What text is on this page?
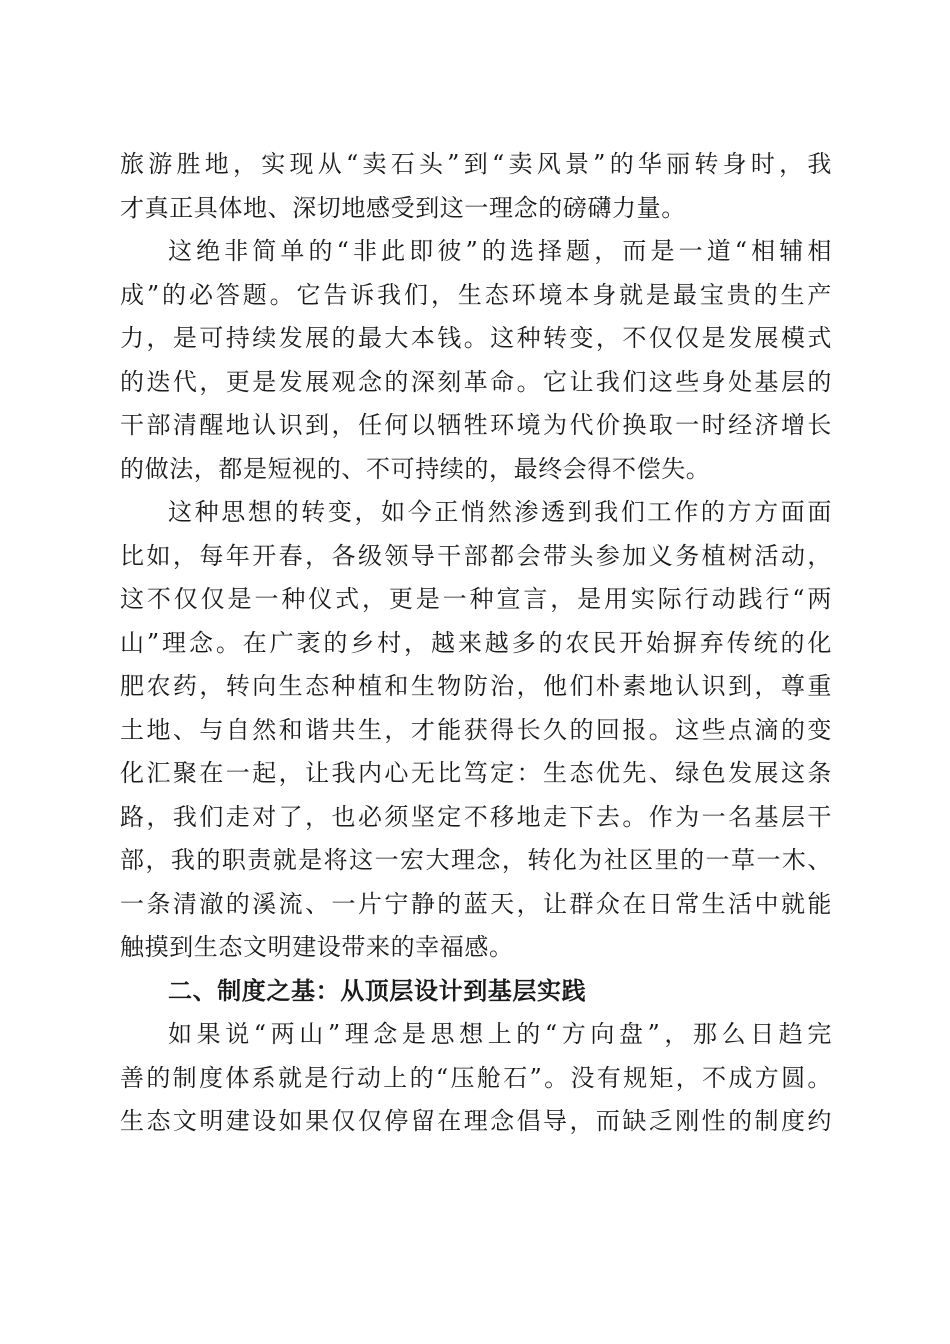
旅游胜地，实现从“卖石头”到“卖风景”的华丽转身时，我
才真正具体地、深切地感受到这一理念的磅礴力量。
这绝非简单的“非此即彼”的选择题，而是一道“相辅相
成”的必答题。它告诉我们，生态环境本身就是最宝贵的生产
力，是可持续发展的最大本钱。这种转变，不仅仅是发展模式
的迭代，更是发展观念的深刻革命。它让我们这些身处基层的
干部清醒地认识到，任何以牺牲环境为代价换取一时经济增长
的做法，都是短视的、不可持续的，最终会得不偿失。
这种思想的转变，如今正悄然渗透到我们工作的方方面面
比如，每年开春，各级领导干部都会带头参加义务植树活动，
这不仅仅是一种仪式，更是一种宣言，是用实际行动践行“两
山”理念。在广袤的乡村，越来越多的农民开始摒弃传统的化
肥农药，转向生态种植和生物防治，他们朴素地认识到，尊重
土地、与自然和谐共生，才能获得长久的回报。这些点滴的变
化汇聚在一起，让我内心无比笃定：生态优先、绿色发展这条
路，我们走对了，也必须坚定不移地走下去。作为一名基层干
部，我的职责就是将这一宏大理念，转化为社区里的一草一木、
一条清澈的溪流、一片宁静的蓝天，让群众在日常生活中就能
触摸到生态文明建设带来的幸福感。
二、制度之基：从顶层设计到基层实践
如果说“两山”理念是思想上的“方向盘”，那么日趋完
善的制度体系就是行动上的“压舱石”。没有规矩，不成方圆。
生态文明建设如果仅仅停留在理念倡导，而缺乏刚性的制度约
